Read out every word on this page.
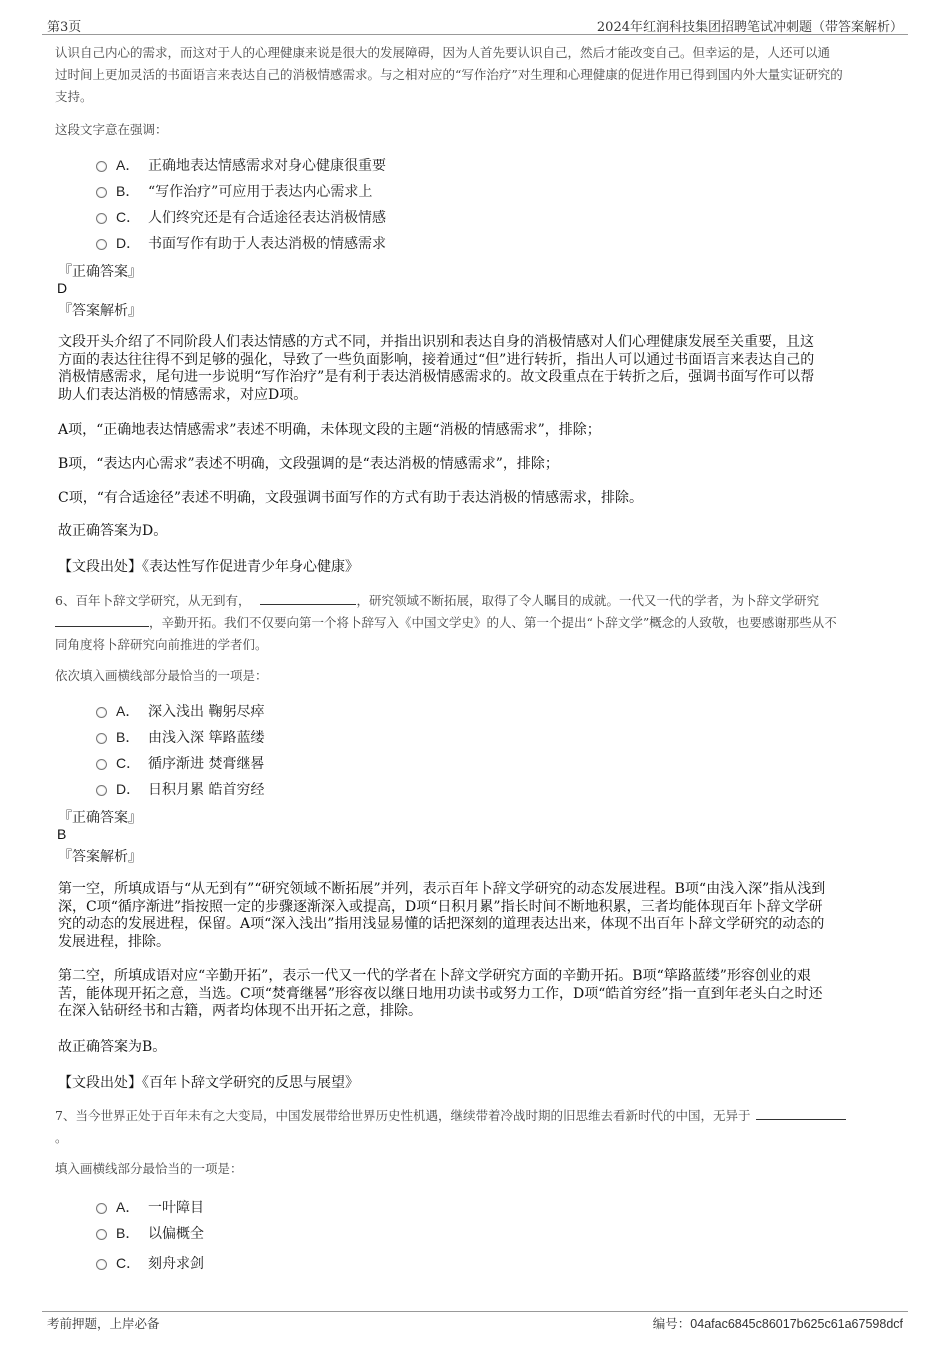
第3页	2024年红润科技集团招聘笔试冲刺题（带答案解析）
认识自己内心的需求，而这对于人的心理健康来说是很大的发展障碍，因为人首先要认识自己，然后才能改变自己。但幸运的是，人还可以通
过时间上更加灵活的书面语言来表达自己的消极情感需求。与之相对应的“写作治疗”对生理和心理健康的促进作用已得到国内外大量实证研究的
支持。
这段文字意在强调：
A． 正确地表达情感需求对身心健康很重要
B． “写作治疗”可应用于表达内心需求上
C． 人们终究还是有合适途径表达消极情感
D． 书面写作有助于人表达消极的情感需求
『正确答案』
D
『答案解析』
文段开头介绍了不同阶段人们表达情感的方式不同，并指出识别和表达自身的消极情感对人们心理健康发展至关重要，且这
方面的表达往往得不到足够的强化，导致了一些负面影响，接着通过“但”进行转折，指出人可以通过书面语言来表达自己的
消极情感需求，尾句进一步说明“写作治疗”是有利于表达消极情感需求的。故文段重点在于转折之后，强调书面写作可以帮
助人们表达消极的情感需求，对应D项。
A项，“正确地表达情感需求”表述不明确，未体现文段的主题“消极的情感需求”，排除；
B项，“表达内心需求”表述不明确，文段强调的是“表达消极的情感需求”，排除；
C项，“有合适途径”表述不明确，文段强调书面写作的方式有助于表达消极的情感需求，排除。
故正确答案为D。
【文段出处】《表达性写作促进青少年身心健康》
6、百年卜辞文学研究，从无到有，	，研究领域不断拓展，取得了令人瞩目的成就。一代又一代的学者，为卜辞文学研究
，辛勤开拓。我们不仅要向第一个将卜辞写入《中国文学史》的人、第一个提出“卜辞文学”概念的人致敬，也要感谢那些从不
同角度将卜辞研究向前推进的学者们。
依次填入画横线部分最恰当的一项是：
A． 深入浅出 鞠躬尽瘁
B． 由浅入深 筚路蓝缕
C． 循序渐进 焚膏继晷
D． 日积月累 皓首穷经
『正确答案』
B
『答案解析』
第一空，所填成语与“从无到有”“研究领域不断拓展”并列，表示百年卜辞文学研究的动态发展进程。B项“由浅入深”指从浅到
深，C项“循序渐进”指按照一定的步骤逐渐深入或提高，D项“日积月累”指长时间不断地积累，三者均能体现百年卜辞文学研
究的动态的发展进程，保留。A项“深入浅出”指用浅显易懂的话把深刻的道理表达出来，体现不出百年卜辞文学研究的动态的
发展进程，排除。
第二空，所填成语对应“辛勤开拓”，表示一代又一代的学者在卜辞文学研究方面的辛勤开拓。B项“筚路蓝缕”形容创业的艰
苦，能体现开拓之意，当选。C项“焚膏继晷”形容夜以继日地用功读书或努力工作，D项“皓首穷经”指一直到年老头白之时还
在深入钻研经书和古籍，两者均体现不出开拓之意，排除。
故正确答案为B。
【文段出处】《百年卜辞文学研究的反思与展望》
7、当今世界正处于百年未有之大变局，中国发展带给世界历史性机遇，继续带着冷战时期的旧思维去看新时代的中国，无异于
。
填入画横线部分最恰当的一项是：
A． 一叶障目
B． 以偏概全
C． 刻舟求剑
考前押题，上岸必备	编号：04afac6845c86017b625c61a67598dcf
